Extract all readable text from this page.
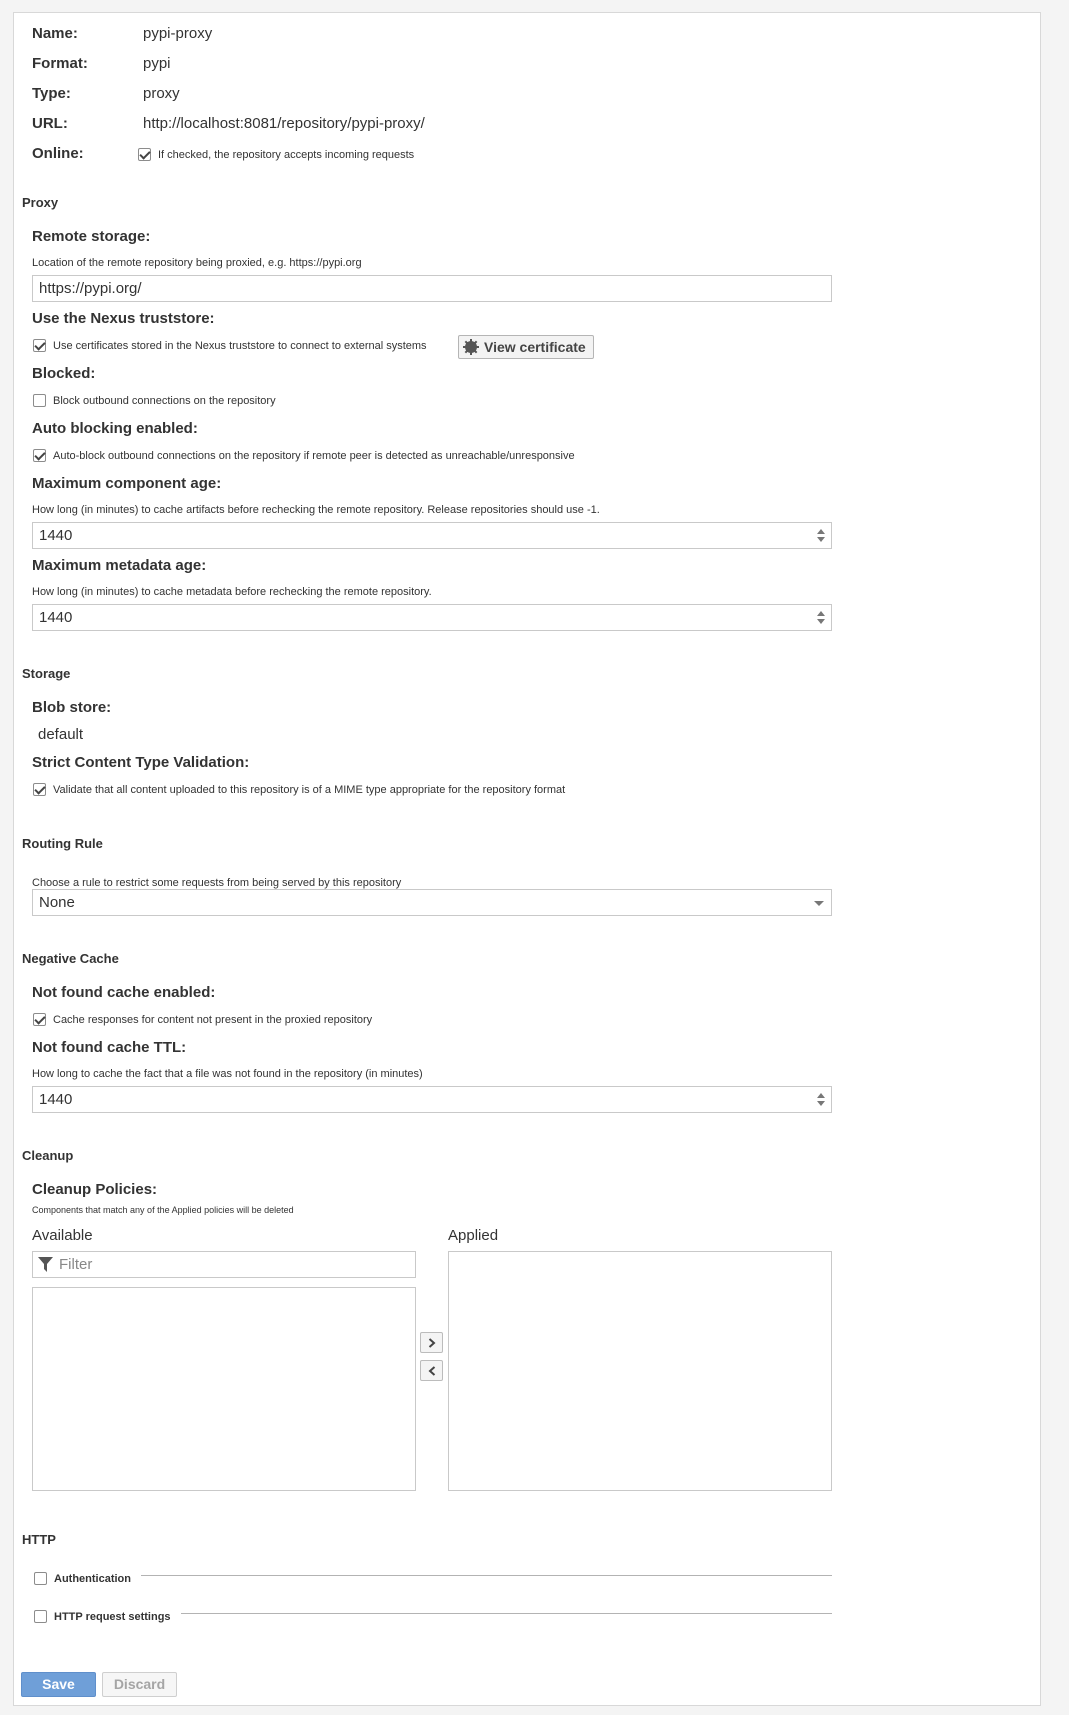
Name:	pypi-proxy
Format:	pypi
Type:	proxy
URL:	http://localhost:8081/repository/pypi-proxy/
Online:	If checked, the repository accepts incoming requests
Proxy
Remote storage:
Location of the remote repository being proxied, e.g. https://pypi.org
https://pypi.org/
Use the Nexus truststore:
Use certificates stored in the Nexus truststore to connect to external systems	View certificate
Blocked:
Block outbound connections on the repository
Auto blocking enabled:
Auto-block outbound connections on the repository if remote peer is detected as unreachable/unresponsive
Maximum component age:
How long (in minutes) to cache artifacts before rechecking the remote repository. Release repositories should use -1.
1440
Maximum metadata age:
How long (in minutes) to cache metadata before rechecking the remote repository.
1440
Storage
Blob store:
default
Strict Content Type Validation:
Validate that all content uploaded to this repository is of a MIME type appropriate for the repository format
Routing Rule
Choose a rule to restrict some requests from being served by this repository
None
Negative Cache
Not found cache enabled:
Cache responses for content not present in the proxied repository
Not found cache TTL:
How long to cache the fact that a file was not found in the repository (in minutes)
1440
Cleanup
Cleanup Policies:
Components that match any of the Applied policies will be deleted
Available	Applied
Filter
HTTP
Authentication
HTTP request settings
Save	Discard
